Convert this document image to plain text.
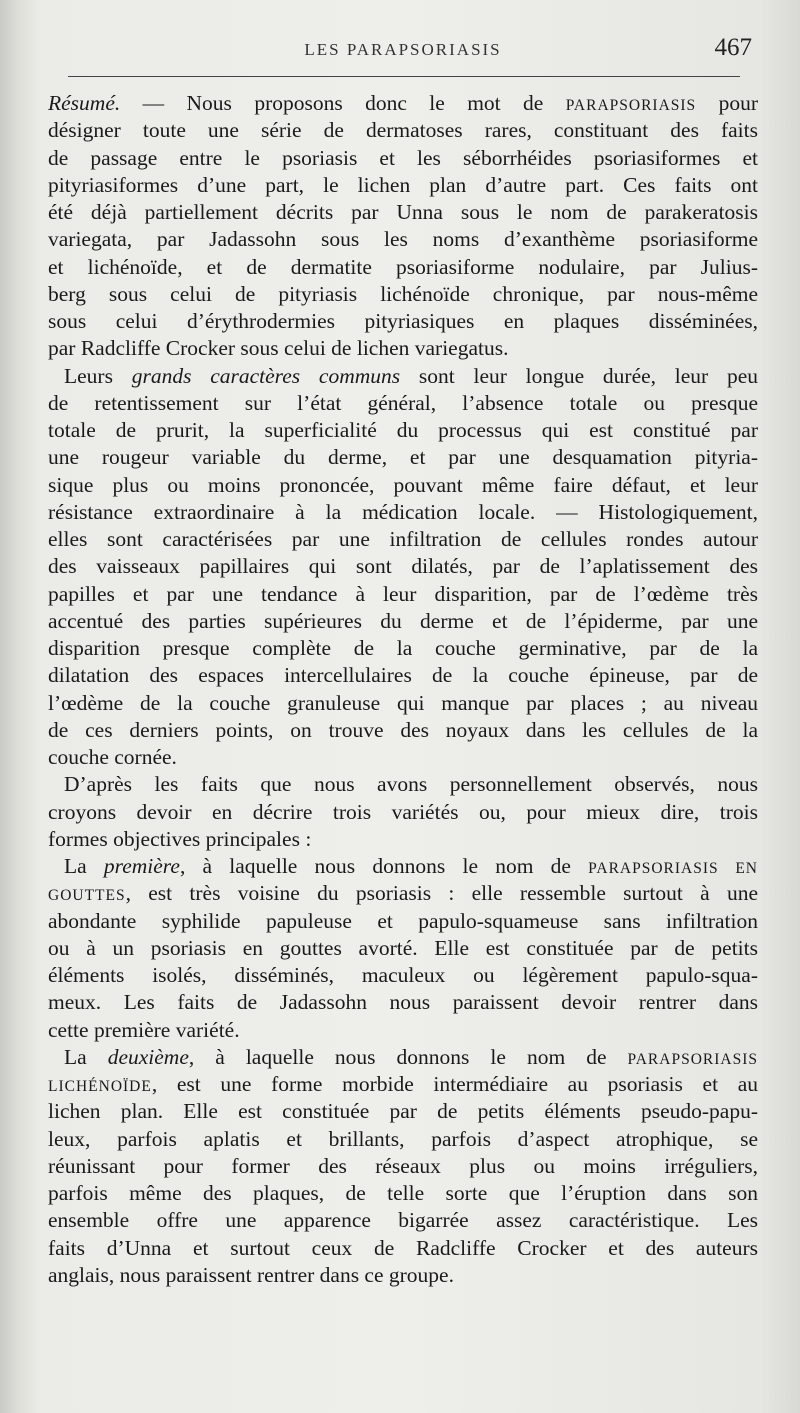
LES PARAPSORIASIS	467
Résumé. — Nous proposons donc le mot de PARAPSORIASIS pour
désigner toute une série de dermatoses rares, constituant des faits
de passage entre le psoriasis et les séborrhéides psoriasiformes et
pityriasiformes d’une part, le lichen plan d’autre part. Ces faits ont
été déjà partiellement décrits par Unna sous le nom de parakeratosis
variegata, par Jadassohn sous les noms d’exanthème psoriasiforme
et lichénoïde, et de dermatite psoriasiforme nodulaire, par Julius-
berg sous celui de pityriasis lichénoïde chronique, par nous-même
sous celui d’érythrodermies pityriasiques en plaques disséminées,
par Radcliffe Crocker sous celui de lichen variegatus.
Leurs grands caractères communs sont leur longue durée, leur peu
de retentissement sur l’état général, l’absence totale ou presque
totale de prurit, la superficialité du processus qui est constitué par
une rougeur variable du derme, et par une desquamation pityria-
sique plus ou moins prononcée, pouvant même faire défaut, et leur
résistance extraordinaire à la médication locale. — Histologiquement,
elles sont caractérisées par une infiltration de cellules rondes autour
des vaisseaux papillaires qui sont dilatés, par de l’aplatissement des
papilles et par une tendance à leur disparition, par de l’œdème très
accentué des parties supérieures du derme et de l’épiderme, par une
disparition presque complète de la couche germinative, par de la
dilatation des espaces intercellulaires de la couche épineuse, par de
l’œdème de la couche granuleuse qui manque par places ; au niveau
de ces derniers points, on trouve des noyaux dans les cellules de la
couche cornée.
D’après les faits que nous avons personnellement observés, nous
croyons devoir en décrire trois variétés ou, pour mieux dire, trois
formes objectives principales :
La première, à laquelle nous donnons le nom de PARAPSORIASIS EN
GOUTTES, est très voisine du psoriasis : elle ressemble surtout à une
abondante syphilide papuleuse et papulo-squameuse sans infiltration
ou à un psoriasis en gouttes avorté. Elle est constituée par de petits
éléments isolés, disséminés, maculeux ou légèrement papulo-squa-
meux. Les faits de Jadassohn nous paraissent devoir rentrer dans
cette première variété.
La deuxième, à laquelle nous donnons le nom de PARAPSORIASIS
LICHÉNOÏDE, est une forme morbide intermédiaire au psoriasis et au
lichen plan. Elle est constituée par de petits éléments pseudo-papu-
leux, parfois aplatis et brillants, parfois d’aspect atrophique, se
réunissant pour former des réseaux plus ou moins irréguliers,
parfois même des plaques, de telle sorte que l’éruption dans son
ensemble offre une apparence bigarrée assez caractéristique. Les
faits d’Unna et surtout ceux de Radcliffe Crocker et des auteurs
anglais, nous paraissent rentrer dans ce groupe.
